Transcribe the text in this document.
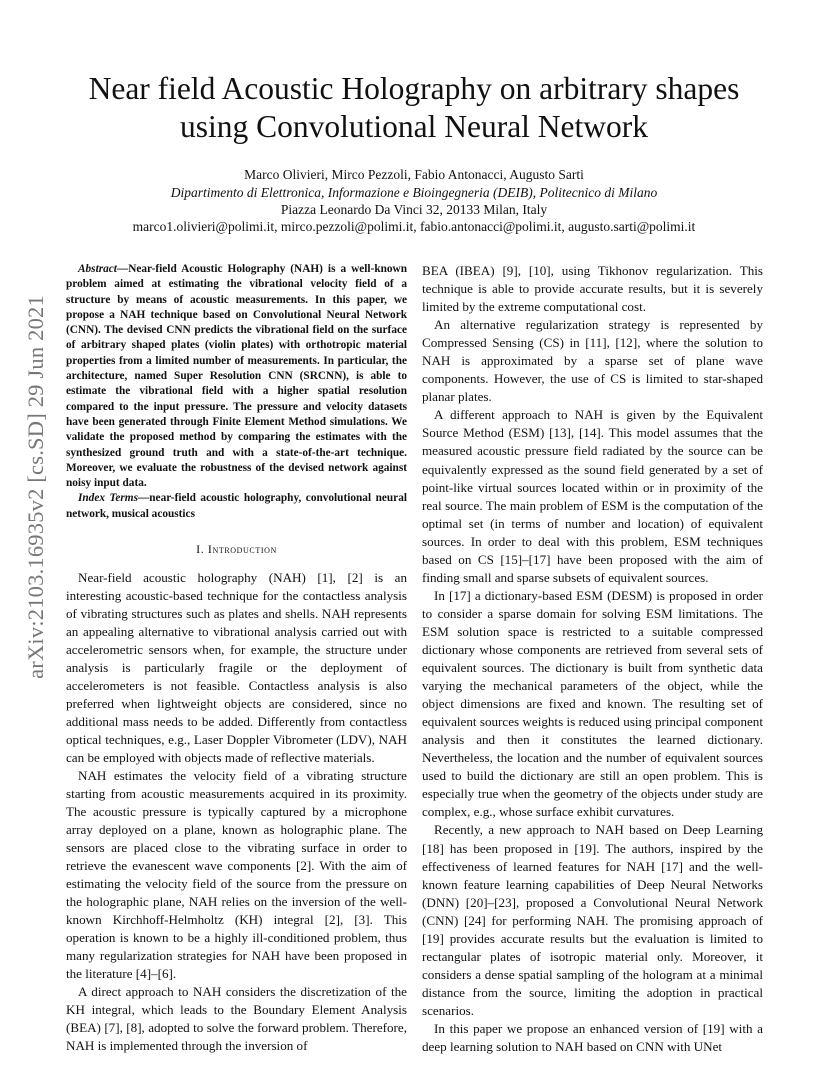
arXiv:2103.16935v2 [cs.SD] 29 Jun 2021
Near field Acoustic Holography on arbitrary shapes
using Convolutional Neural Network
Marco Olivieri, Mirco Pezzoli, Fabio Antonacci, Augusto Sarti
Dipartimento di Elettronica, Informazione e Bioingegneria (DEIB), Politecnico di Milano
Piazza Leonardo Da Vinci 32, 20133 Milan, Italy
marco1.olivieri@polimi.it, mirco.pezzoli@polimi.it, fabio.antonacci@polimi.it, augusto.sarti@polimi.it

Abstract—Near-field Acoustic Holography (NAH) is a well-known problem aimed at estimating the vibrational velocity field of a structure by means of acoustic measurements. In this paper, we propose a NAH technique based on Convolutional Neural Network (CNN). The devised CNN predicts the vibrational field on the surface of arbitrary shaped plates (violin plates) with orthotropic material properties from a limited number of measurements. In particular, the architecture, named Super Resolution CNN (SRCNN), is able to estimate the vibrational field with a higher spatial resolution compared to the input pressure. The pressure and velocity datasets have been generated through Finite Element Method simulations. We validate the proposed method by comparing the estimates with the synthesized ground truth and with a state-of-the-art technique. Moreover, we evaluate the robustness of the devised network against noisy input data.

Index Terms—near-field acoustic holography, convolutional neural network, musical acoustics

I. Introduction

Near-field acoustic holography (NAH) [1], [2] is an interesting acoustic-based technique for the contactless analysis of vibrating structures such as plates and shells. NAH represents an appealing alternative to vibrational analysis carried out with accelerometric sensors when, for example, the structure under analysis is particularly fragile or the deployment of accelerometers is not feasible. Contactless analysis is also preferred when lightweight objects are considered, since no additional mass needs to be added. Differently from contactless optical techniques, e.g., Laser Doppler Vibrometer (LDV), NAH can be employed with objects made of reflective materials.

NAH estimates the velocity field of a vibrating structure starting from acoustic measurements acquired in its proximity. The acoustic pressure is typically captured by a microphone array deployed on a plane, known as holographic plane. The sensors are placed close to the vibrating surface in order to retrieve the evanescent wave components [2]. With the aim of estimating the velocity field of the source from the pressure on the holographic plane, NAH relies on the inversion of the well-known Kirchhoff-Helmholtz (KH) integral [2], [3]. This operation is known to be a highly ill-conditioned problem, thus many regularization strategies for NAH have been proposed in the literature [4]–[6].

A direct approach to NAH considers the discretization of the KH integral, which leads to the Boundary Element Analysis (BEA) [7], [8], adopted to solve the forward problem. Therefore, NAH is implemented through the inversion of

BEA (IBEA) [9], [10], using Tikhonov regularization. This technique is able to provide accurate results, but it is severely limited by the extreme computational cost.

An alternative regularization strategy is represented by Compressed Sensing (CS) in [11], [12], where the solution to NAH is approximated by a sparse set of plane wave components. However, the use of CS is limited to star-shaped planar plates.

A different approach to NAH is given by the Equivalent Source Method (ESM) [13], [14]. This model assumes that the measured acoustic pressure field radiated by the source can be equivalently expressed as the sound field generated by a set of point-like virtual sources located within or in proximity of the real source. The main problem of ESM is the computation of the optimal set (in terms of number and location) of equivalent sources. In order to deal with this problem, ESM techniques based on CS [15]–[17] have been proposed with the aim of finding small and sparse subsets of equivalent sources.

In [17] a dictionary-based ESM (DESM) is proposed in order to consider a sparse domain for solving ESM limitations. The ESM solution space is restricted to a suitable compressed dictionary whose components are retrieved from several sets of equivalent sources. The dictionary is built from synthetic data varying the mechanical parameters of the object, while the object dimensions are fixed and known. The resulting set of equivalent sources weights is reduced using principal component analysis and then it constitutes the learned dictionary. Nevertheless, the location and the number of equivalent sources used to build the dictionary are still an open problem. This is especially true when the geometry of the objects under study are complex, e.g., whose surface exhibit curvatures.

Recently, a new approach to NAH based on Deep Learning [18] has been proposed in [19]. The authors, inspired by the effectiveness of learned features for NAH [17] and the well-known feature learning capabilities of Deep Neural Networks (DNN) [20]–[23], proposed a Convolutional Neural Network (CNN) [24] for performing NAH. The promising approach of [19] provides accurate results but the evaluation is limited to rectangular plates of isotropic material only. Moreover, it considers a dense spatial sampling of the hologram at a minimal distance from the source, limiting the adoption in practical scenarios.

In this paper we propose an enhanced version of [19] with a deep learning solution to NAH based on CNN with UNet
